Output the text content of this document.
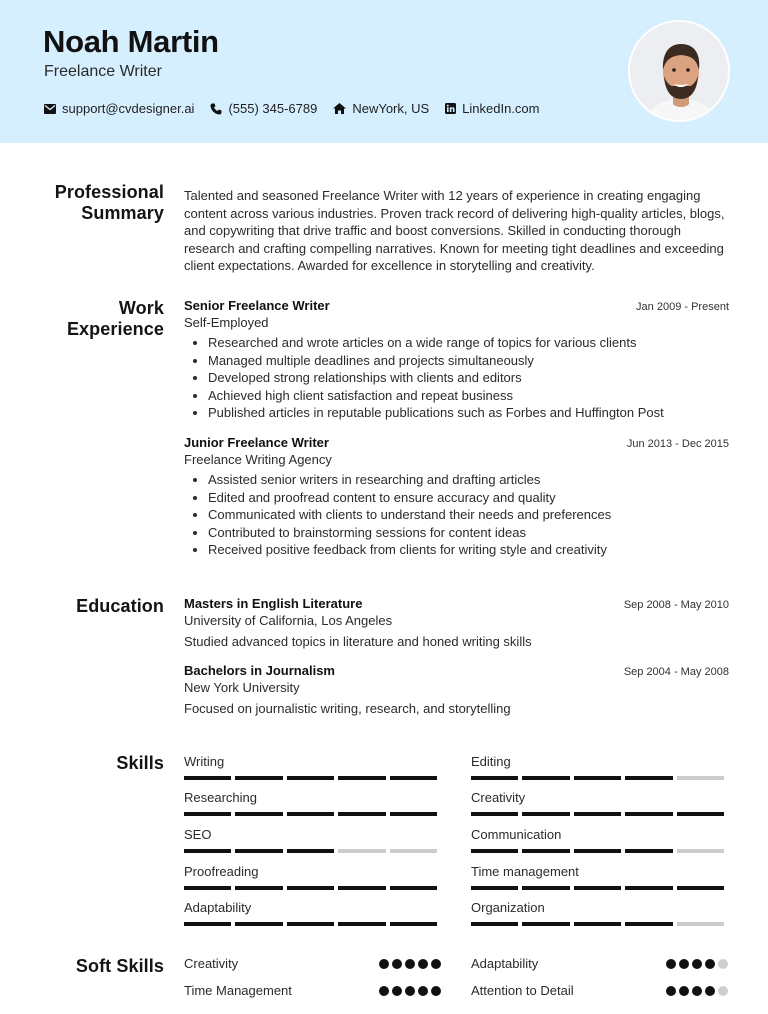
Noah Martin
Freelance Writer
support@cvdesigner.ai	(555) 345-6789	NewYork, US	LinkedIn.com
Professional
Summary
Talented and seasoned Freelance Writer with 12 years of experience in creating engaging content across various industries. Proven track record of delivering high-quality articles, blogs, and copywriting that drive traffic and boost conversions. Skilled in conducting thorough research and crafting compelling narratives. Known for meeting tight deadlines and exceeding client expectations. Awarded for excellence in storytelling and creativity.
Work
Experience
Senior Freelance Writer	Jan 2009 - Present
Self-Employed
• Researched and wrote articles on a wide range of topics for various clients
• Managed multiple deadlines and projects simultaneously
• Developed strong relationships with clients and editors
• Achieved high client satisfaction and repeat business
• Published articles in reputable publications such as Forbes and Huffington Post
Junior Freelance Writer	Jun 2013 - Dec 2015
Freelance Writing Agency
• Assisted senior writers in researching and drafting articles
• Edited and proofread content to ensure accuracy and quality
• Communicated with clients to understand their needs and preferences
• Contributed to brainstorming sessions for content ideas
• Received positive feedback from clients for writing style and creativity
Education Masters in English Literature	Sep 2008 - May 2010
University of California, Los Angeles
Studied advanced topics in literature and honed writing skills
Bachelors in Journalism	Sep 2004 - May 2008
New York University
Focused on journalistic writing, research, and storytelling
Skills Writing	Editing
Researching	Creativity
SEO	Communication
Proofreading	Time management
Adaptability	Organization
Soft Skills Creativity	Adaptability
Time Management	Attention to Detail
